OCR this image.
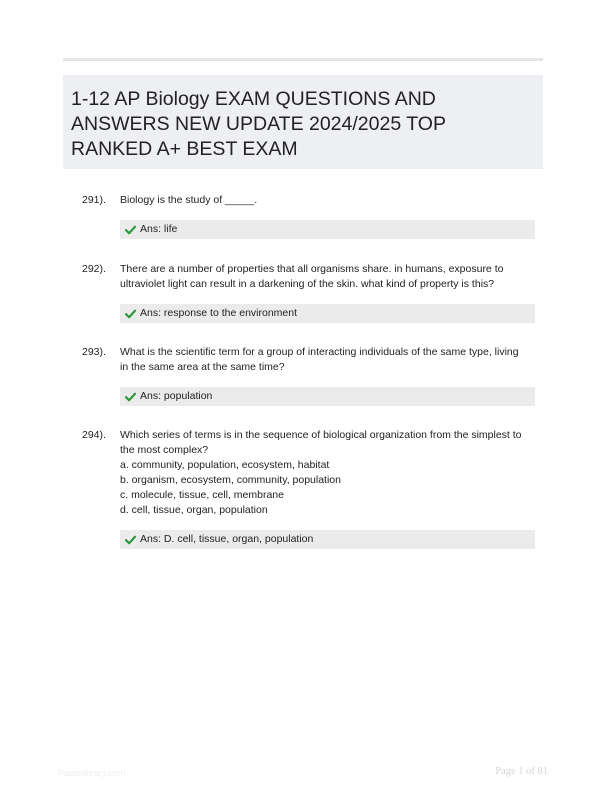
1-12 AP Biology EXAM QUESTIONS AND
ANSWERS NEW UPDATE 2024/2025 TOP
RANKED A+ BEST EXAM
291).	Biology is the study of _____.
Ans: life
292).	There are a number of properties that all organisms share. in humans, exposure to
ultraviolet light can result in a darkening of the skin. what kind of property is this?
Ans: response to the environment
293).	What is the scientific term for a group of interacting individuals of the same type, living
in the same area at the same time?
Ans: population
294).	Which series of terms is in the sequence of biological organization from the simplest to
the most complex?
a. community, population, ecosystem, habitat
b. organism, ecosystem, community, population
c. molecule, tissue, cell, membrane
d. cell, tissue, organ, population
Ans: D. cell, tissue, organ, population
Paperlibrary.com	Page 1 of 81
